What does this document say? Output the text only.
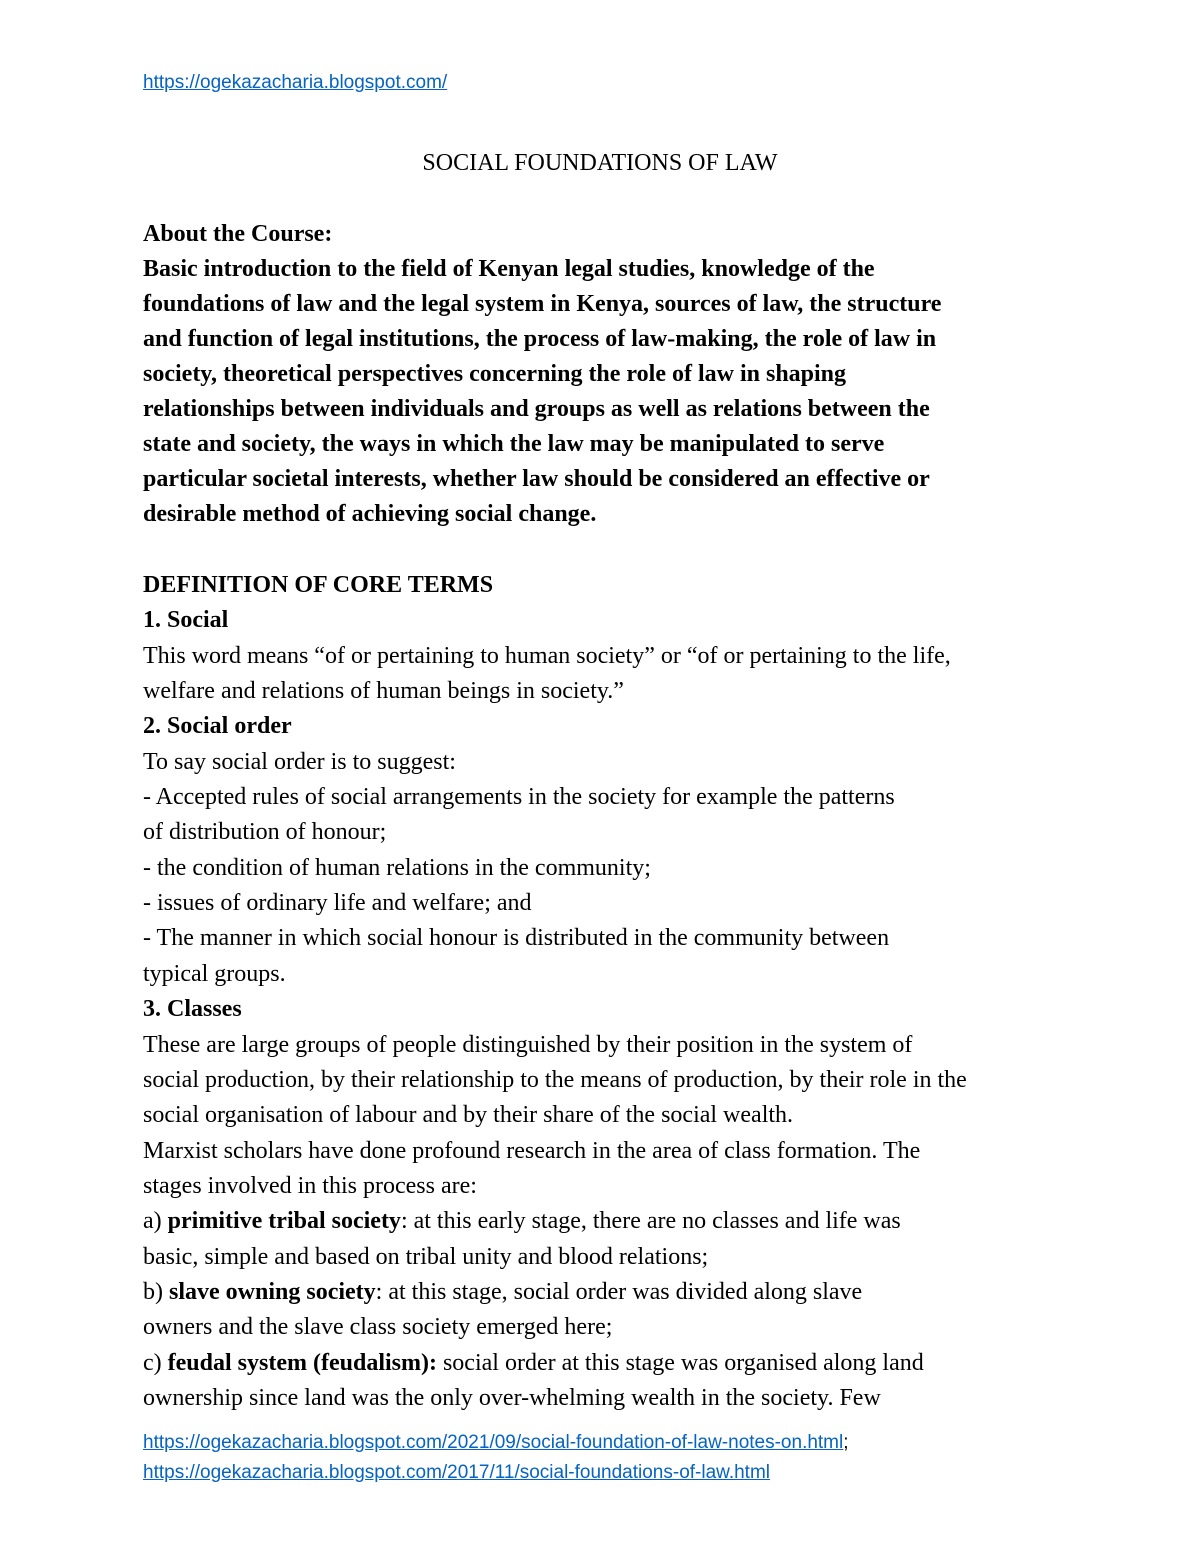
https://ogekazacharia.blogspot.com/
SOCIAL FOUNDATIONS OF LAW
About the Course:
Basic introduction to the field of Kenyan legal studies, knowledge of the
foundations of law and the legal system in Kenya, sources of law, the structure
and function of legal institutions, the process of law-making, the role of law in
society, theoretical perspectives concerning the role of law in shaping
relationships between individuals and groups as well as relations between the
state and society, the ways in which the law may be manipulated to serve
particular societal interests, whether law should be considered an effective or
desirable method of achieving social change.
DEFINITION OF CORE TERMS
1. Social
This word means “of or pertaining to human society” or “of or pertaining to the life,
welfare and relations of human beings in society.”
2. Social order
To say social order is to suggest:
- Accepted rules of social arrangements in the society for example the patterns
of distribution of honour;
- the condition of human relations in the community;
- issues of ordinary life and welfare; and
- The manner in which social honour is distributed in the community between
typical groups.
3. Classes
These are large groups of people distinguished by their position in the system of
social production, by their relationship to the means of production, by their role in the
social organisation of labour and by their share of the social wealth.
Marxist scholars have done profound research in the area of class formation. The
stages involved in this process are:
a) primitive tribal society: at this early stage, there are no classes and life was
basic, simple and based on tribal unity and blood relations;
b) slave owning society: at this stage, social order was divided along slave
owners and the slave class society emerged here;
c) feudal system (feudalism): social order at this stage was organised along land
ownership since land was the only over-whelming wealth in the society. Few
https://ogekazacharia.blogspot.com/2021/09/social-foundation-of-law-notes-on.html;
https://ogekazacharia.blogspot.com/2017/11/social-foundations-of-law.html
